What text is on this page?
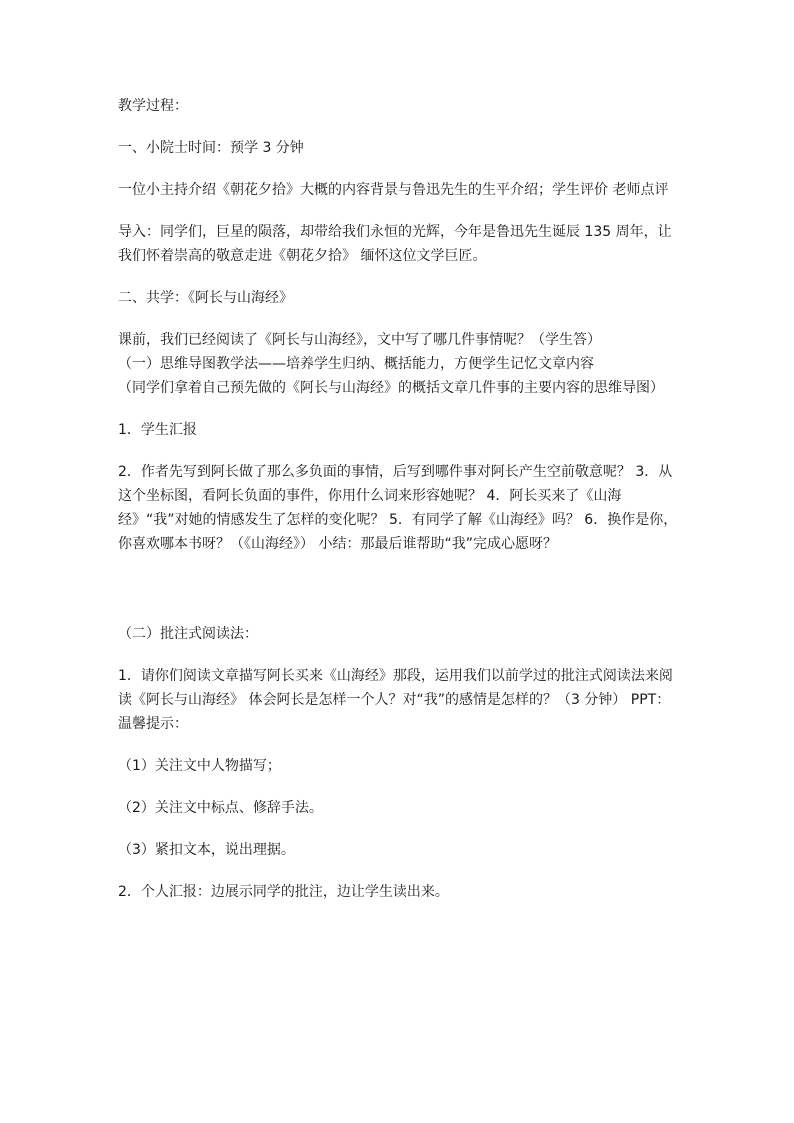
教学过程：

一、小院士时间：预学 3 分钟

一位小主持介绍《朝花夕拾》大概的内容背景与鲁迅先生的生平介绍；学生评价 老师点评

导入：同学们，巨星的陨落，却带给我们永恒的光辉，今年是鲁迅先生诞辰 135 周年，让我们怀着崇高的敬意走进《朝花夕拾》 缅怀这位文学巨匠。

二、共学：《阿长与山海经》

课前，我们已经阅读了《阿长与山海经》，文中写了哪几件事情呢？（学生答）

（一）思维导图教学法——培养学生归纳、概括能力，方便学生记忆文章内容

（同学们拿着自己预先做的《阿长与山海经》的概括文章几件事的主要内容的思维导图）

1．学生汇报

2．作者先写到阿长做了那么多负面的事情，后写到哪件事对阿长产生空前敬意呢？ 3．从这个坐标图，看阿长负面的事件，你用什么词来形容她呢？ 4．阿长买来了《山海经》“我”对她的情感发生了怎样的变化呢？ 5．有同学了解《山海经》吗？ 6．换作是你，你喜欢哪本书呀？（《山海经》） 小结：那最后谁帮助“我”完成心愿呀？

（二）批注式阅读法：

1．请你们阅读文章描写阿长买来《山海经》那段，运用我们以前学过的批注式阅读法来阅读《阿长与山海经》 体会阿长是怎样一个人？对“我”的感情是怎样的？（3 分钟） PPT：温馨提示：

（1）关注文中人物描写；

（2）关注文中标点、修辞手法。

（3）紧扣文本，说出理据。

2．个人汇报：边展示同学的批注，边让学生读出来。
